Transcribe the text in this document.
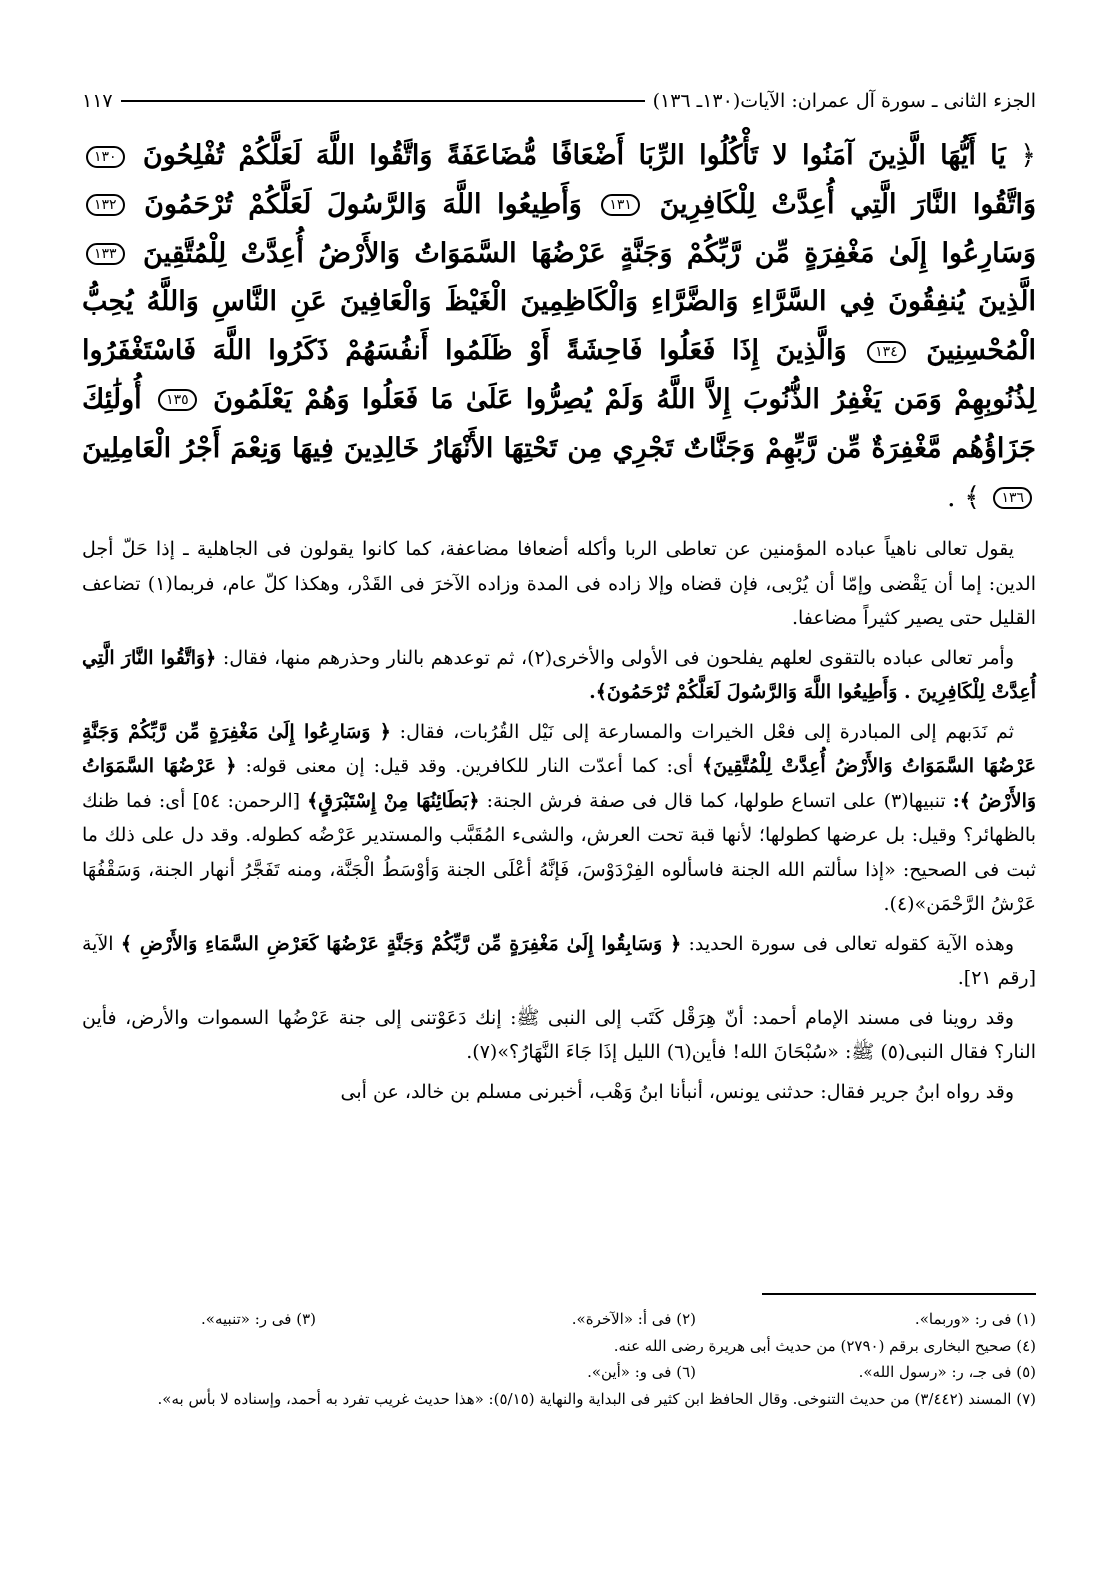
الجزء الثانى ـ سورة آل عمران: الآيات(١٣٠ـ ١٣٦)
١١٧
﴿ يَا أَيُّهَا الَّذِينَ آمَنُوا لا تَأْكُلُوا الرِّبَا أَضْعَافًا مُّضَاعَفَةً وَاتَّقُوا اللَّهَ لَعَلَّكُمْ تُفْلِحُونَ ١٣٠ وَاتَّقُوا النَّارَ الَّتِي أُعِدَّتْ لِلْكَافِرِينَ ١٣١ وَأَطِيعُوا اللَّهَ وَالرَّسُولَ لَعَلَّكُمْ تُرْحَمُونَ ١٣٢ وَسَارِعُوا إِلَىٰ مَغْفِرَةٍ مِّن رَّبِّكُمْ وَجَنَّةٍ عَرْضُهَا السَّمَوَاتُ وَالأَرْضُ أُعِدَّتْ لِلْمُتَّقِينَ ١٣٣ الَّذِينَ يُنفِقُونَ فِي السَّرَّاءِ وَالضَّرَّاءِ وَالْكَاظِمِينَ الْغَيْظَ وَالْعَافِينَ عَنِ النَّاسِ وَاللَّهُ يُحِبُّ الْمُحْسِنِينَ ١٣٤ وَالَّذِينَ إِذَا فَعَلُوا فَاحِشَةً أَوْ ظَلَمُوا أَنفُسَهُمْ ذَكَرُوا اللَّهَ فَاسْتَغْفَرُوا لِذُنُوبِهِمْ وَمَن يَغْفِرُ الذُّنُوبَ إِلاَّ اللَّهُ وَلَمْ يُصِرُّوا عَلَىٰ مَا فَعَلُوا وَهُمْ يَعْلَمُونَ ١٣٥ أُولَٰئِكَ جَزَاؤُهُم مَّغْفِرَةٌ مِّن رَّبِّهِمْ وَجَنَّاتٌ تَجْرِي مِن تَحْتِهَا الأَنْهَارُ خَالِدِينَ فِيهَا وَنِعْمَ أَجْرُ الْعَامِلِينَ ١٣٦ ﴾ .

يقول تعالى ناهياً عباده المؤمنين عن تعاطى الربا وأكله أضعافا مضاعفة، كما كانوا يقولون فى الجاهلية ـ إذا حَلّ أجل الدين: إما أن يَقْضى وإمّا أن يُرْبى، فإن قضاه وإلا زاده فى المدة وزاده الآخرَ فى القَدْر، وهكذا كلّ عام، فربما(١) تضاعف القليل حتى يصير كثيراً مضاعفا.

وأمر تعالى عباده بالتقوى لعلهم يفلحون فى الأولى والأخرى(٢)، ثم توعدهم بالنار وحذرهم منها، فقال: ﴿وَاتَّقُوا النَّارَ الَّتِي أُعِدَّتْ لِلْكَافِرِينَ . وَأَطِيعُوا اللَّهَ وَالرَّسُولَ لَعَلَّكُمْ تُرْحَمُونَ﴾.

ثم نَدَبهم إلى المبادرة إلى فعْل الخيرات والمسارعة إلى نَيْل القُرُبات، فقال: ﴿ وَسَارِعُوا إِلَىٰ مَغْفِرَةٍ مِّن رَّبِّكُمْ وَجَنَّةٍ عَرْضُهَا السَّمَوَاتُ وَالأَرْضُ أُعِدَّتْ لِلْمُتَّقِينَ﴾ أى: كما أعدّت النار للكافرين. وقد قيل: إن معنى قوله: ﴿ عَرْضُهَا السَّمَوَاتُ وَالأَرْضُ ﴾: تنبيها(٣) على اتساع طولها، كما قال فى صفة فرش الجنة: ﴿بَطَائِنُهَا مِنْ إِسْتَبْرَقٍ﴾ [الرحمن: ٥٤] أى: فما ظنك بالظهائر؟ وقيل: بل عرضها كطولها؛ لأنها قبة تحت العرش، والشىء المُقَبَّب والمستدير عَرْضُه كطوله. وقد دل على ذلك ما ثبت فى الصحيح: «إذا سألتم الله الجنة فاسألوه الفِرْدَوْسَ، فَإنَّهُ أعْلَى الجنة وَأوْسَطُ الْجَنَّة، ومنه تَفَجَّرُ أنهار الجنة، وَسَقْفُهَا عَرْشُ الرَّحْمَن»(٤).

وهذه الآية كقوله تعالى فى سورة الحديد: ﴿ وَسَابِقُوا إِلَىٰ مَغْفِرَةٍ مِّن رَّبِّكُمْ وَجَنَّةٍ عَرْضُهَا كَعَرْضِ السَّمَاءِ وَالأَرْضِ ﴾ الآية [رقم ٢١].

وقد روينا فى مسند الإمام أحمد: أنّ هِرَقْل كَتَب إلى النبى ﷺ: إنك دَعَوْتنى إلى جنة عَرْضُها السموات والأرض، فأين النار؟ فقال النبى(٥) ﷺ: «سُبْحَانَ الله! فأين(٦) الليل إذَا جَاءَ النَّهَارُ؟»(٧).

وقد رواه ابنُ جرير فقال: حدثنى يونس، أنبأنا ابنُ وَهْب، أخبرنى مسلم بن خالد، عن أبى

(١) فى ر: «وربما».
(٢) فى أ: «الآخرة».
(٣) فى ر: «تنبيه».
(٤) صحيح البخارى برقم (٢٧٩٠) من حديث أبى هريرة رضى الله عنه.
(٥) فى جـ، ر: «رسول الله».
(٦) فى و: «أين».
(٧) المسند (٣/٤٤٢) من حديث التنوخى. وقال الحافظ ابن كثير فى البداية والنهاية (٥/١٥): «هذا حديث غريب تفرد به أحمد، وإسناده لا بأس به».
